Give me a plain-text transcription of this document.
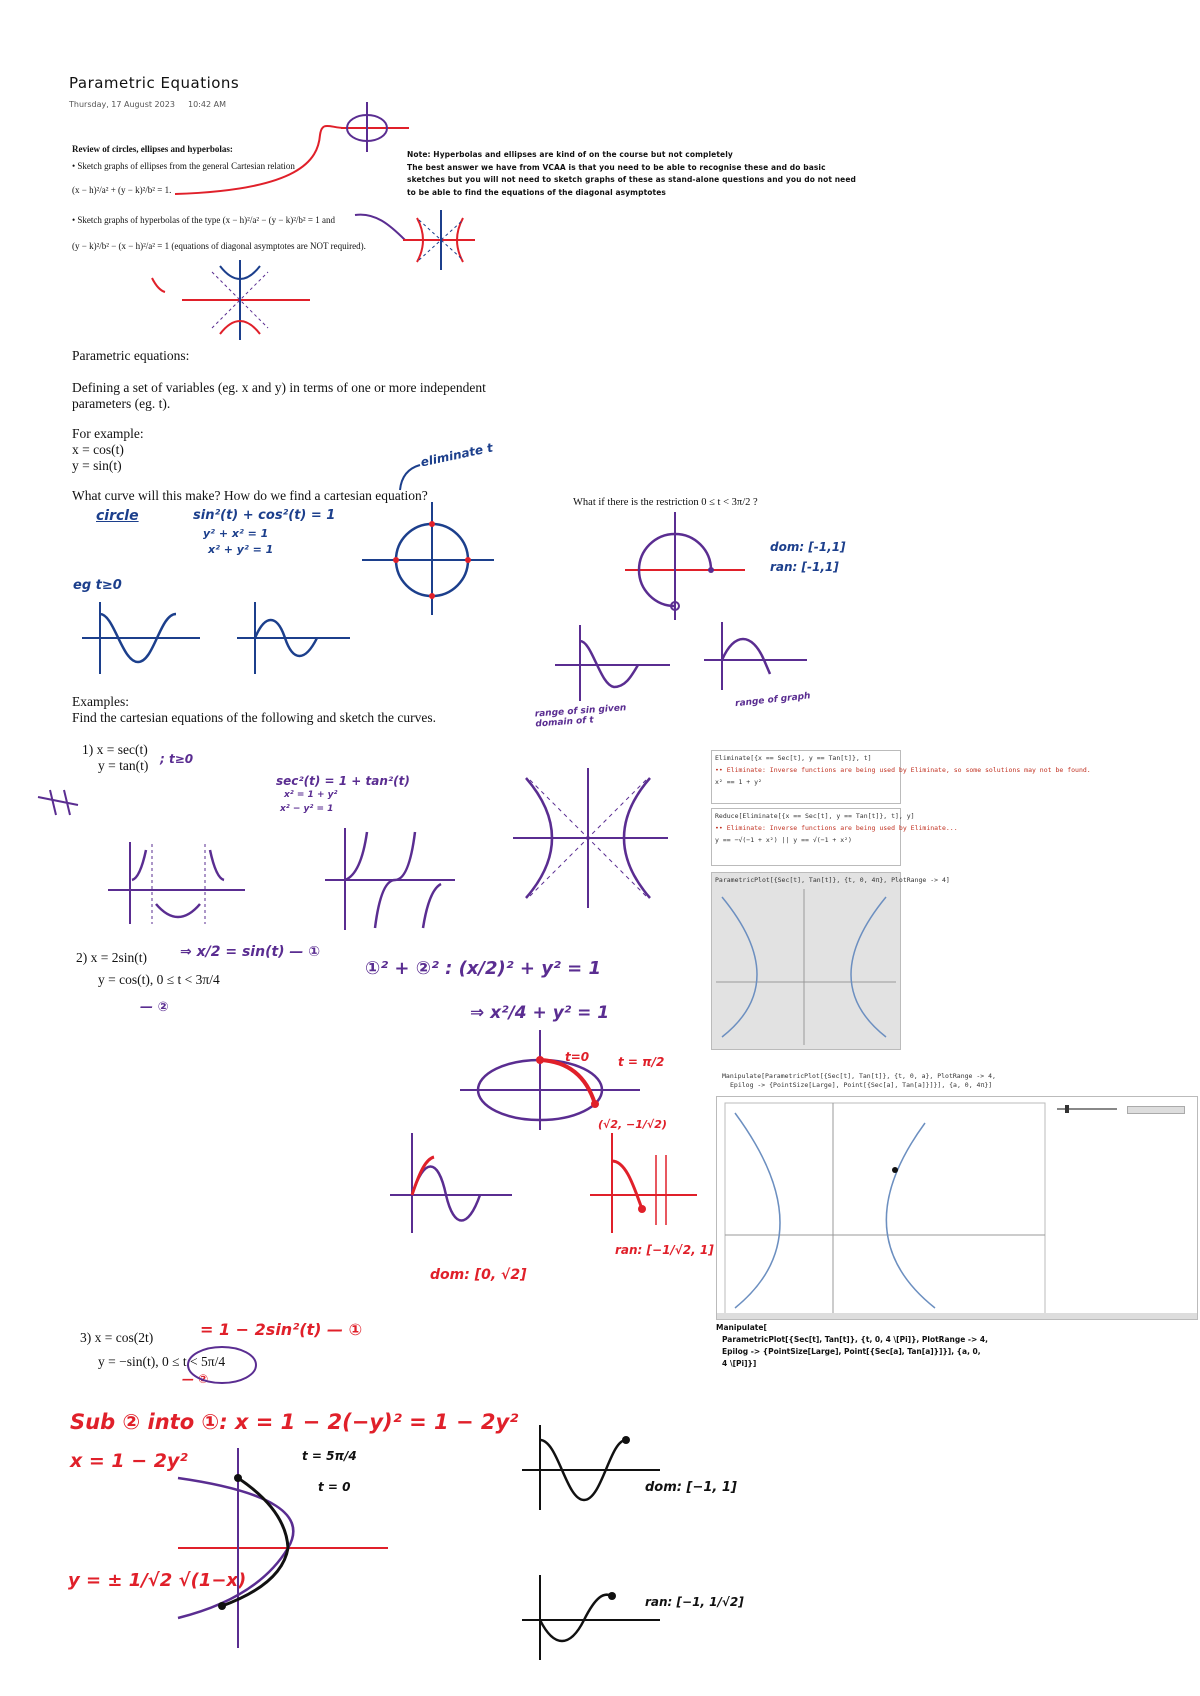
Parametric Equations
Thursday, 17 August 2023 10:42 AM
Review of circles, ellipses and hyperbolas:
• Sketch graphs of ellipses from the general Cartesian relation
(x − h)²/a² + (y − k)²/b² = 1.
• Sketch graphs of hyperbolas of the type (x − h)²/a² − (y − k)²/b² = 1 and
(y − k)²/b² − (x − h)²/a² = 1 (equations of diagonal asymptotes are NOT required).
Note: Hyperbolas and ellipses are kind of on the course but not completely
The best answer we have from VCAA is that you need to be able to recognise these and do basic
sketches but you will not need to sketch graphs of these as stand-alone questions and you do not need
to be able to find the equations of the diagonal asymptotes
Parametric equations:
Defining a set of variables (eg. x and y) in terms of one or more independent
parameters (eg. t).
For example:
x = cos(t)
y = sin(t)
What curve will this make? How do we find a cartesian equation?	What if there is the restriction 0 ≤ t < 3π/2 ?
eliminate t
circle	sin²(t) + cos²(t) = 1
y² + x² = 1
x² + y² = 1
eg t≥0
dom: [-1,1]
ran: [-1,1]
range of sin given domain of t
range of graph
Examples:
Find the cartesian equations of the following and sketch the curves.
1) x = sec(t)
y = tan(t) ; t≥0
sec²(t) = 1 + tan²(t)
x² = 1 + y²
x² − y² = 1
2) x = 2sin(t)
y = cos(t), 0 ≤ t < 3π/4
⇒ x/2 = sin(t) — ①
— ②
①² + ②² : (x/2)² + y² = 1
⇒ x²/4 + y² = 1
t=0 t = π/2
(√2, −1/√2)
dom: [0, √2]
ran: [−1/√2, 1]
3) x = cos(2t)
y = −sin(t), 0 ≤ t < 5π/4
= 1 − 2sin²(t) — ①
— ②
Sub ② into ①: x = 1 − 2(−y)² = 1 − 2y²
x = 1 − 2y²
y = ± 1/√2 √(1−x)
t = 5π/4
t = 0	dom: [−1, 1]
ran: [−1, 1/√2]
Eliminate[{x == Sec[t], y == Tan[t]}, t]
•• Eliminate: Inverse functions are being used by Eliminate, so some solutions may not be found.
x² == 1 + y²
Reduce[Eliminate[{x == Sec[t], y == Tan[t]}, t], y]
•• Eliminate: Inverse functions are being used by Eliminate...
y == −√(−1 + x²) || y == √(−1 + x²)
ParametricPlot[{Sec[t], Tan[t]}, {t, 0, 4π}, PlotRange -> 4]
Manipulate[ParametricPlot[{Sec[t], Tan[t]}, {t, 0, a}, PlotRange -> 4,
Epilog -> {PointSize[Large], Point[{Sec[a], Tan[a]}]}], {a, 0, 4π}]
Manipulate[
ParametricPlot[{Sec[t], Tan[t]}, {t, 0, 4 \[Pi]}, PlotRange -> 4,
Epilog -> {PointSize[Large], Point[{Sec[a], Tan[a]}]}], {a, 0,
4 \[Pi]}]
